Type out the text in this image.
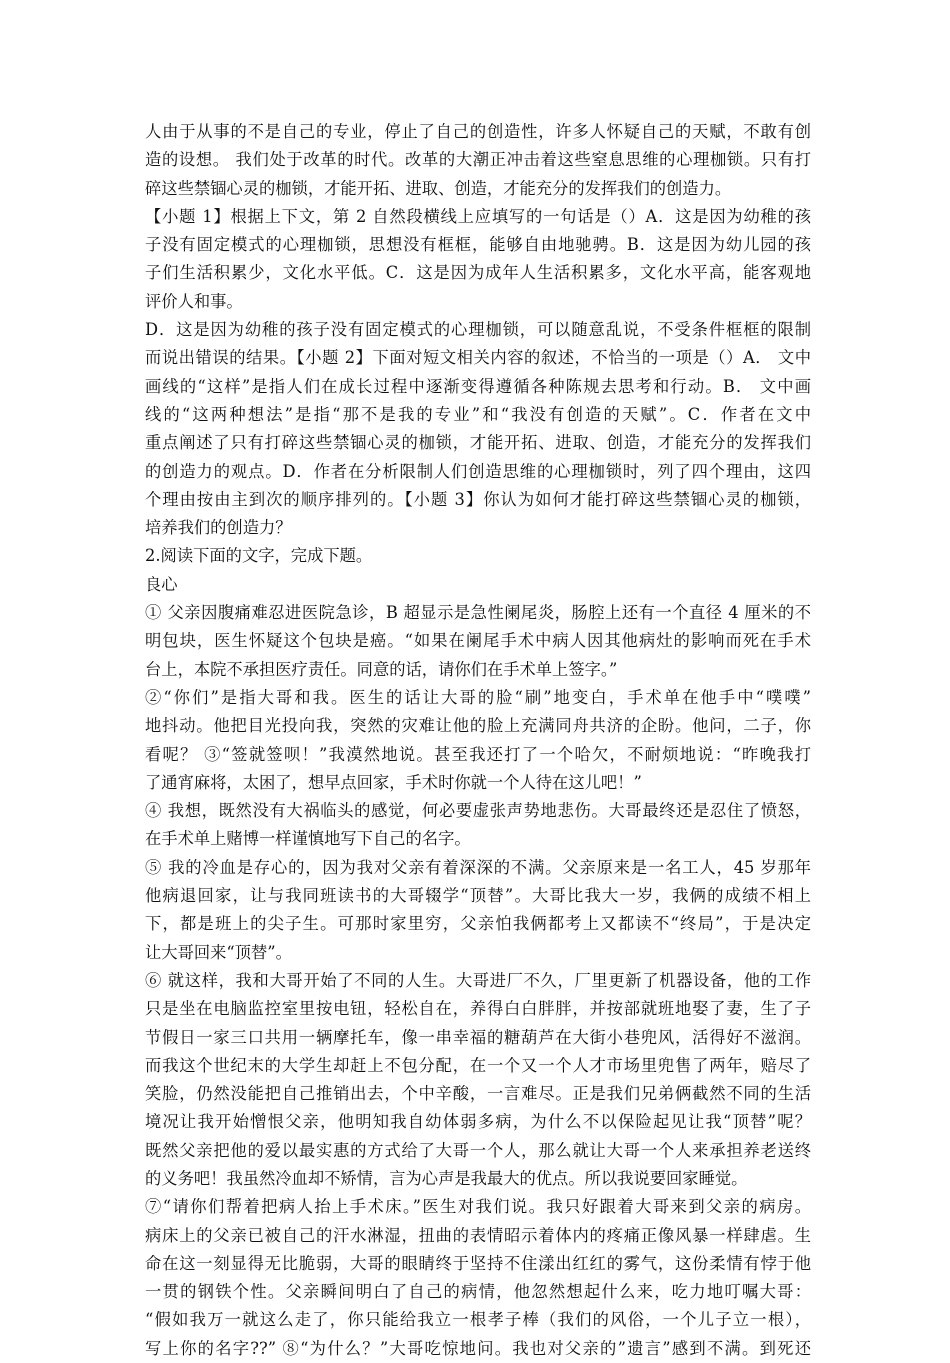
人由于从事的不是自己的专业，停止了自己的创造性，许多人怀疑自己的天赋，不敢有创
造的设想。 我们处于改革的时代。改革的大潮正冲击着这些窒息思维的心理枷锁。只有打
碎这些禁锢心灵的枷锁，才能开拓、进取、创造，才能充分的发挥我们的创造力。
【小题 1】根据上下文，第 2 自然段横线上应填写的一句话是（）A．这是因为幼稚的孩
子没有固定模式的心理枷锁，思想没有框框，能够自由地驰骋。B．这是因为幼儿园的孩
子们生活积累少，文化水平低。C．这是因为成年人生活积累多，文化水平高，能客观地
评价人和事。
D．这是因为幼稚的孩子没有固定模式的心理枷锁，可以随意乱说，不受条件框框的限制
而说出错误的结果。【小题 2】下面对短文相关内容的叙述，不恰当的一项是（）A． 文中
画线的“这样”是指人们在成长过程中逐渐变得遵循各种陈规去思考和行动。B． 文中画
线的“这两种想法”是指“那不是我的专业”和“我没有创造的天赋”。C．作者在文中
重点阐述了只有打碎这些禁锢心灵的枷锁，才能开拓、进取、创造，才能充分的发挥我们
的创造力的观点。D．作者在分析限制人们创造思维的心理枷锁时，列了四个理由，这四
个理由按由主到次的顺序排列的。【小题 3】你认为如何才能打碎这些禁锢心灵的枷锁，
培养我们的创造力？
2.阅读下面的文字，完成下题。
良心
① 父亲因腹痛难忍进医院急诊，B 超显示是急性阑尾炎，肠腔上还有一个直径 4 厘米的不
明包块，医生怀疑这个包块是癌。“如果在阑尾手术中病人因其他病灶的影响而死在手术
台上，本院不承担医疗责任。同意的话，请你们在手术单上签字。”
②“你们”是指大哥和我。医生的话让大哥的脸“刷”地变白，手术单在他手中“噗噗”
地抖动。他把目光投向我，突然的灾难让他的脸上充满同舟共济的企盼。他问，二子，你
看呢？ ③“签就签呗！”我漠然地说。甚至我还打了一个哈欠，不耐烦地说：“昨晚我打
了通宵麻将，太困了，想早点回家，手术时你就一个人待在这儿吧！”
④ 我想，既然没有大祸临头的感觉，何必要虚张声势地悲伤。大哥最终还是忍住了愤怒，
在手术单上赌博一样谨慎地写下自己的名字。
⑤ 我的冷血是存心的，因为我对父亲有着深深的不满。父亲原来是一名工人，45 岁那年
他病退回家，让与我同班读书的大哥辍学“顶替”。大哥比我大一岁，我俩的成绩不相上
下，都是班上的尖子生。可那时家里穷，父亲怕我俩都考上又都读不“终局”，于是决定
让大哥回来“顶替”。
⑥ 就这样，我和大哥开始了不同的人生。大哥进厂不久，厂里更新了机器设备，他的工作
只是坐在电脑监控室里按电钮，轻松自在，养得白白胖胖，并按部就班地娶了妻，生了子
节假日一家三口共用一辆摩托车，像一串幸福的糖葫芦在大街小巷兜风，活得好不滋润。
而我这个世纪末的大学生却赶上不包分配，在一个又一个人才市场里兜售了两年，赔尽了
笑脸，仍然没能把自己推销出去，个中辛酸，一言难尽。正是我们兄弟俩截然不同的生活
境况让我开始憎恨父亲，他明知我自幼体弱多病，为什么不以保险起见让我“顶替”呢？
既然父亲把他的爱以最实惠的方式给了大哥一个人，那么就让大哥一个人来承担养老送终
的义务吧！我虽然冷血却不矫情，言为心声是我最大的优点。所以我说要回家睡觉。
⑦“请你们帮着把病人抬上手术床。”医生对我们说。我只好跟着大哥来到父亲的病房。
病床上的父亲已被自己的汗水淋湿，扭曲的表情昭示着体内的疼痛正像风暴一样肆虐。生
命在这一刻显得无比脆弱，大哥的眼睛终于坚持不住漾出红红的雾气，这份柔情有悖于他
一贯的钢铁个性。父亲瞬间明白了自己的病情，他忽然想起什么来，吃力地叮嘱大哥：
“假如我万一就这么走了，你只能给我立一根孝子棒（我们的风俗，一个儿子立一根），
写上你的名字??” ⑧“为什么？”大哥吃惊地问。我也对父亲的”遗言”感到不满。到死还
